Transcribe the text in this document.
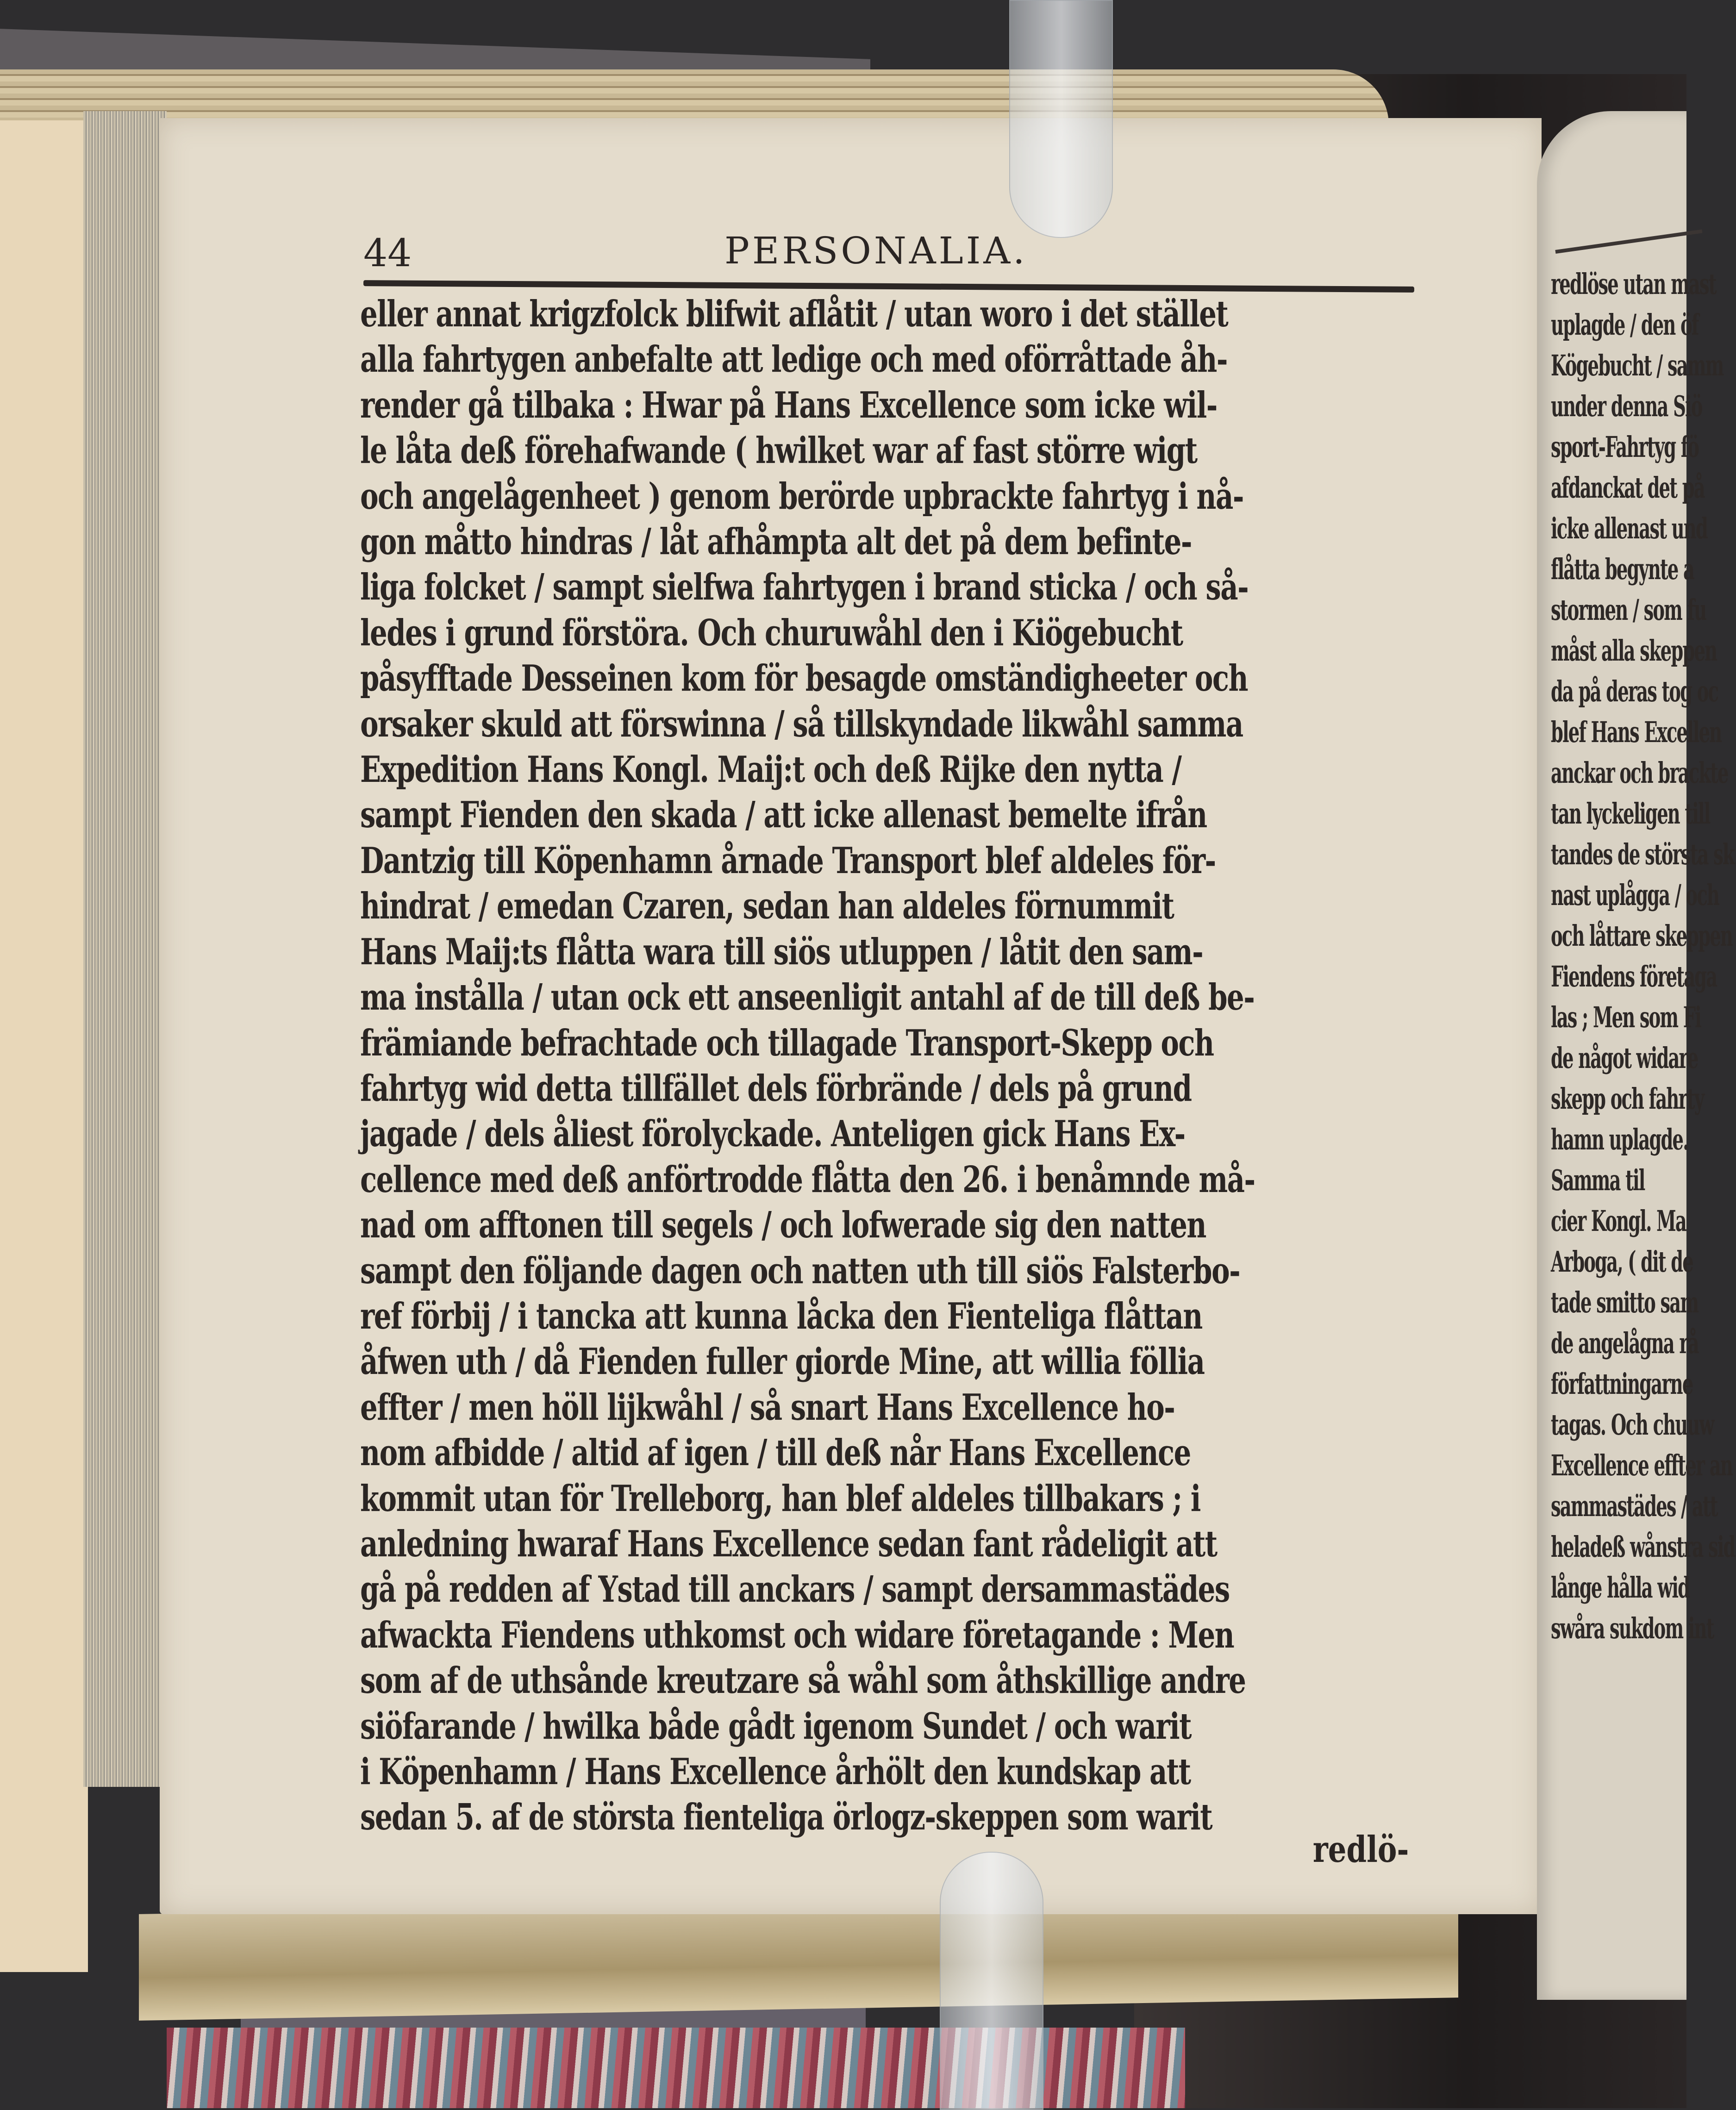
44	PERSONALIA.
eller annat krigzfolck blifwit aflåtit / utan woro i det stället
alla fahrtygen anbefalte att ledige och med oförråttade åh-
render gå tilbaka : Hwar på Hans Excellence som icke wil-
le låta deß förehafwande ( hwilket war af fast större wigt
och angelågenheet ) genom berörde upbrackte fahrtyg i nå-
gon måtto hindras / låt afhåmpta alt det på dem befinte-
liga folcket / sampt sielfwa fahrtygen i brand sticka / och så-
ledes i grund förstöra. Och churuwåhl den i Kiögebucht
påsyfftade Desseinen kom för besagde omständigheeter och
orsaker skuld att förswinna / så tillskyndade likwåhl samma
Expedition Hans Kongl. Maij:t och deß Rijke den nytta /
sampt Fienden den skada / att icke allenast bemelte ifrån
Dantzig till Köpenhamn årnade Transport blef aldeles för-
hindrat / emedan Czaren, sedan han aldeles förnummit
Hans Maij:ts flåtta wara till siös utluppen / låtit den sam-
ma instålla / utan ock ett anseenligit antahl af de till deß be-
främiande befrachtade och tillagade Transport-Skepp och
fahrtyg wid detta tillfället dels förbrände / dels på grund
jagade / dels åliest förolyckade. Anteligen gick Hans Ex-
cellence med deß anförtrodde flåtta den 26. i benåmnde må-
nad om afftonen till segels / och lofwerade sig den natten
sampt den följande dagen och natten uth till siös Falsterbo-
ref förbij / i tancka att kunna låcka den Fienteliga flåttan
åfwen uth / då Fienden fuller giorde Mine, att willia föllia
effter / men höll lijkwåhl / så snart Hans Excellence ho-
nom afbidde / altid af igen / till deß når Hans Excellence
kommit utan för Trelleborg, han blef aldeles tillbakars ; i
anledning hwaraf Hans Excellence sedan fant rådeligit att
gå på redden af Ystad till anckars / sampt dersammastädes
afwackta Fiendens uthkomst och widare företagande : Men
som af de uthsånde kreutzare så wåhl som åthskillige andre
siöfarande / hwilka både gådt igenom Sundet / och warit
i Köpenhamn / Hans Excellence århölt den kundskap att
sedan 5. af de största fienteliga örlogz-skeppen som warit
redlö-
redlöse utan mast
uplagde / den öf
Kögebucht / samm
under denna Siö
sport-Fahrtyg fö
afdanckat det på
icke allenast und
flåtta begynte a
stormen / som fu
måst alla skeppen
da på deras tog oc
blef Hans Excellen
anckar och brackte
tan lyckeligen till
tandes de största sk
nast uplågga / och
och låttare skeppen
Fiendens företaga
las ; Men som Fi
de något widare
skepp och fahrty
hamn uplagde.
Samma til
cier Kongl. Ma
Arboga, ( dit de
tade smitto sam
de angelågna rå
författningarne
tagas. Och chuuw
Excellence effter an
sammastädes / att
heladeß wånstra sid
långe hålla wid
swåra sukdom int
